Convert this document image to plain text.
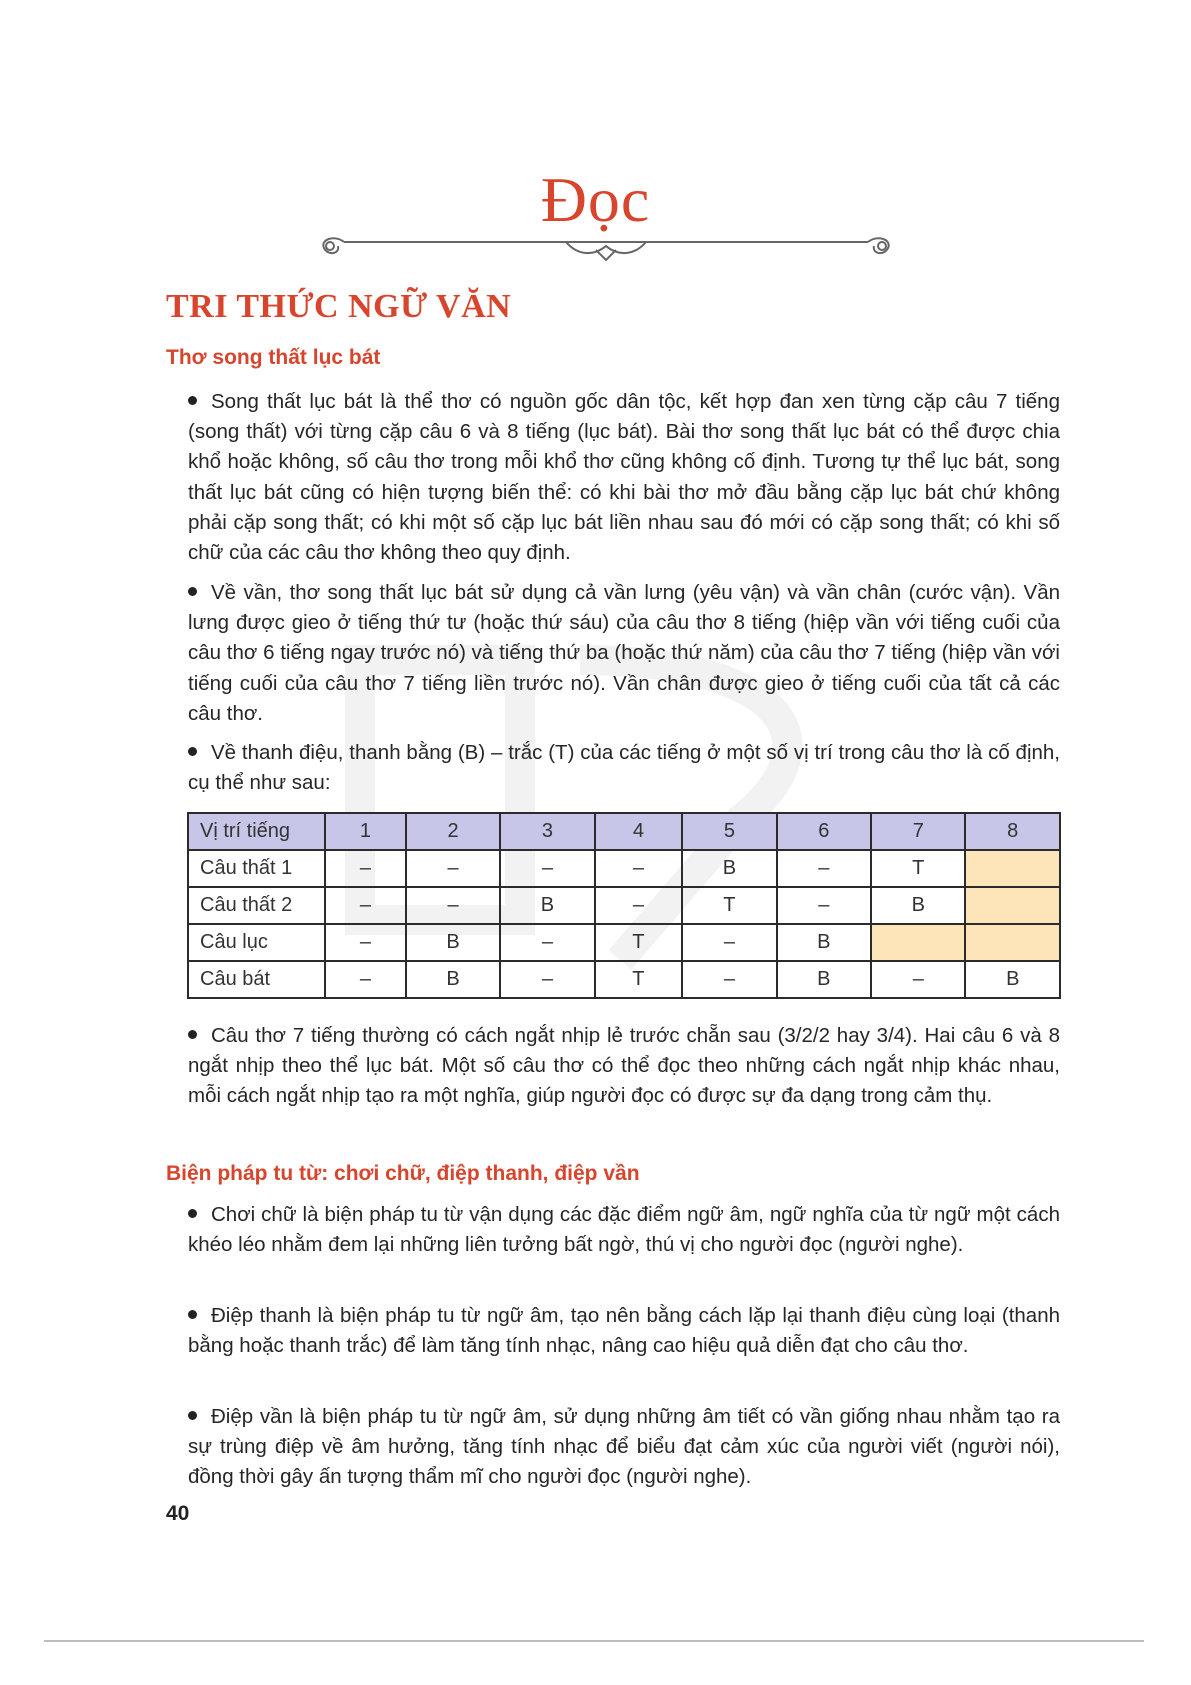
Đọc
TRI THỨC NGỮ VĂN
Thơ song thất lục bát

Song thất lục bát là thể thơ có nguồn gốc dân tộc, kết hợp đan xen từng cặp câu 7 tiếng (song thất) với từng cặp câu 6 và 8 tiếng (lục bát). Bài thơ song thất lục bát có thể được chia khổ hoặc không, số câu thơ trong mỗi khổ thơ cũng không cố định. Tương tự thể lục bát, song thất lục bát cũng có hiện tượng biến thể: có khi bài thơ mở đầu bằng cặp lục bát chứ không phải cặp song thất; có khi một số cặp lục bát liền nhau sau đó mới có cặp song thất; có khi số chữ của các câu thơ không theo quy định.

Về vần, thơ song thất lục bát sử dụng cả vần lưng (yêu vận) và vần chân (cước vận). Vần lưng được gieo ở tiếng thứ tư (hoặc thứ sáu) của câu thơ 8 tiếng (hiệp vần với tiếng cuối của câu thơ 6 tiếng ngay trước nó) và tiếng thứ ba (hoặc thứ năm) của câu thơ 7 tiếng (hiệp vần với tiếng cuối của câu thơ 7 tiếng liền trước nó). Vần chân được gieo ở tiếng cuối của tất cả các câu thơ.

Về thanh điệu, thanh bằng (B) – trắc (T) của các tiếng ở một số vị trí trong câu thơ là cố định, cụ thể như sau:

Vị trí tiếng	1	2	3	4	5	6	7	8
Câu thất 1	–	–	–	–	B	–	T	
Câu thất 2	–	–	B	–	T	–	B	
Câu lục	–	B	–	T	–	B		
Câu bát	–	B	–	T	–	B	–	B

Câu thơ 7 tiếng thường có cách ngắt nhịp lẻ trước chẵn sau (3/2/2 hay 3/4). Hai câu 6 và 8 ngắt nhịp theo thể lục bát. Một số câu thơ có thể đọc theo những cách ngắt nhịp khác nhau, mỗi cách ngắt nhịp tạo ra một nghĩa, giúp người đọc có được sự đa dạng trong cảm thụ.

Biện pháp tu từ: chơi chữ, điệp thanh, điệp vần

Chơi chữ là biện pháp tu từ vận dụng các đặc điểm ngữ âm, ngữ nghĩa của từ ngữ một cách khéo léo nhằm đem lại những liên tưởng bất ngờ, thú vị cho người đọc (người nghe).

Điệp thanh là biện pháp tu từ ngữ âm, tạo nên bằng cách lặp lại thanh điệu cùng loại (thanh bằng hoặc thanh trắc) để làm tăng tính nhạc, nâng cao hiệu quả diễn đạt cho câu thơ.

Điệp vần là biện pháp tu từ ngữ âm, sử dụng những âm tiết có vần giống nhau nhằm tạo ra sự trùng điệp về âm hưởng, tăng tính nhạc để biểu đạt cảm xúc của người viết (người nói), đồng thời gây ấn tượng thẩm mĩ cho người đọc (người nghe).

40
